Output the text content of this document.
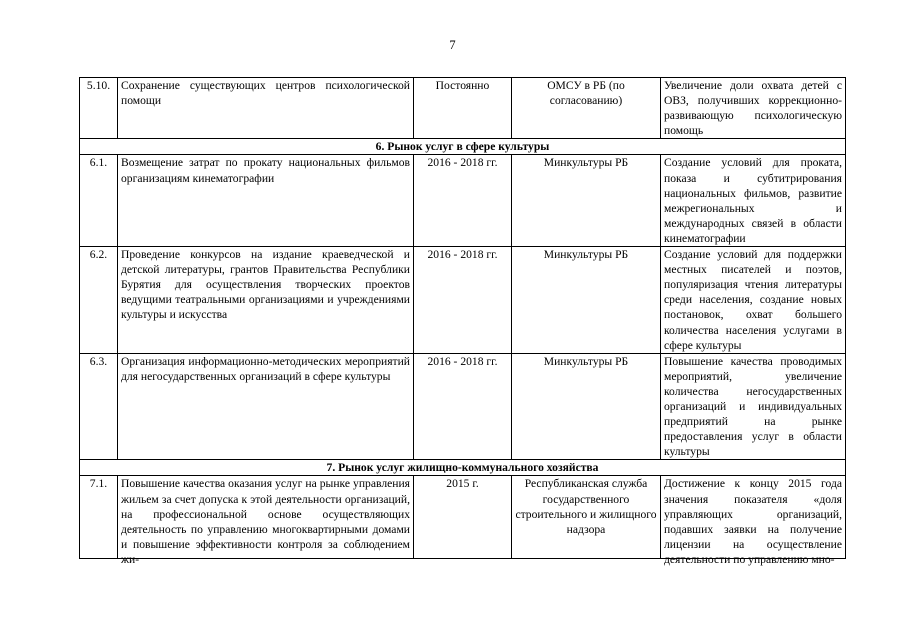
7
5.10.	Сохранение существующих центров психологической помощи	Постоянно	ОМСУ в РБ (по согласованию)	Увеличение доли охвата детей с ОВЗ, получивших коррекционно-развивающую психологическую помощь
6. Рынок услуг в сфере культуры				
6.1.	Возмещение затрат по прокату национальных фильмов организациям кинематографии	2016 - 2018 гг.	Минкультуры РБ	Создание условий для проката, показа и субтитрирования национальных фильмов, развитие межрегиональных и международных связей в области кинематографии
6.2.	Проведение конкурсов на издание краеведческой и детской литературы, грантов Правительства Республики Бурятия для осуществления творческих проектов ведущими театральными организациями и учреждениями культуры и искусства	2016 - 2018 гг.	Минкультуры РБ	Создание условий для поддержки местных писателей и поэтов, популяризация чтения литературы среди населения, создание новых постановок, охват большего количества населения услугами в сфере культуры
6.3.	Организация информационно-методических мероприятий для негосударственных организаций в сфере культуры	2016 - 2018 гг.	Минкультуры РБ	Повышение качества проводимых мероприятий, увеличение количества негосударственных организаций и индивидуальных предприятий на рынке предоставления услуг в области культуры
7. Рынок услуг жилищно-коммунального хозяйства				

7.1.	Повышение качества оказания услуг на рынке управления жильем за счет допуска к этой деятельности организаций, на профессиональной основе осуществляющих деятельность по управлению многоквартирными домами и повышение эффективности контроля за соблюдением жи-	2015 г.	Республиканская служба государственного строительного и жилищного надзора	Достижение к концу 2015 года значения показателя «доля управляющих организаций, подавших заявки на получение лицензии на осуществление деятельности по управлению мно-
